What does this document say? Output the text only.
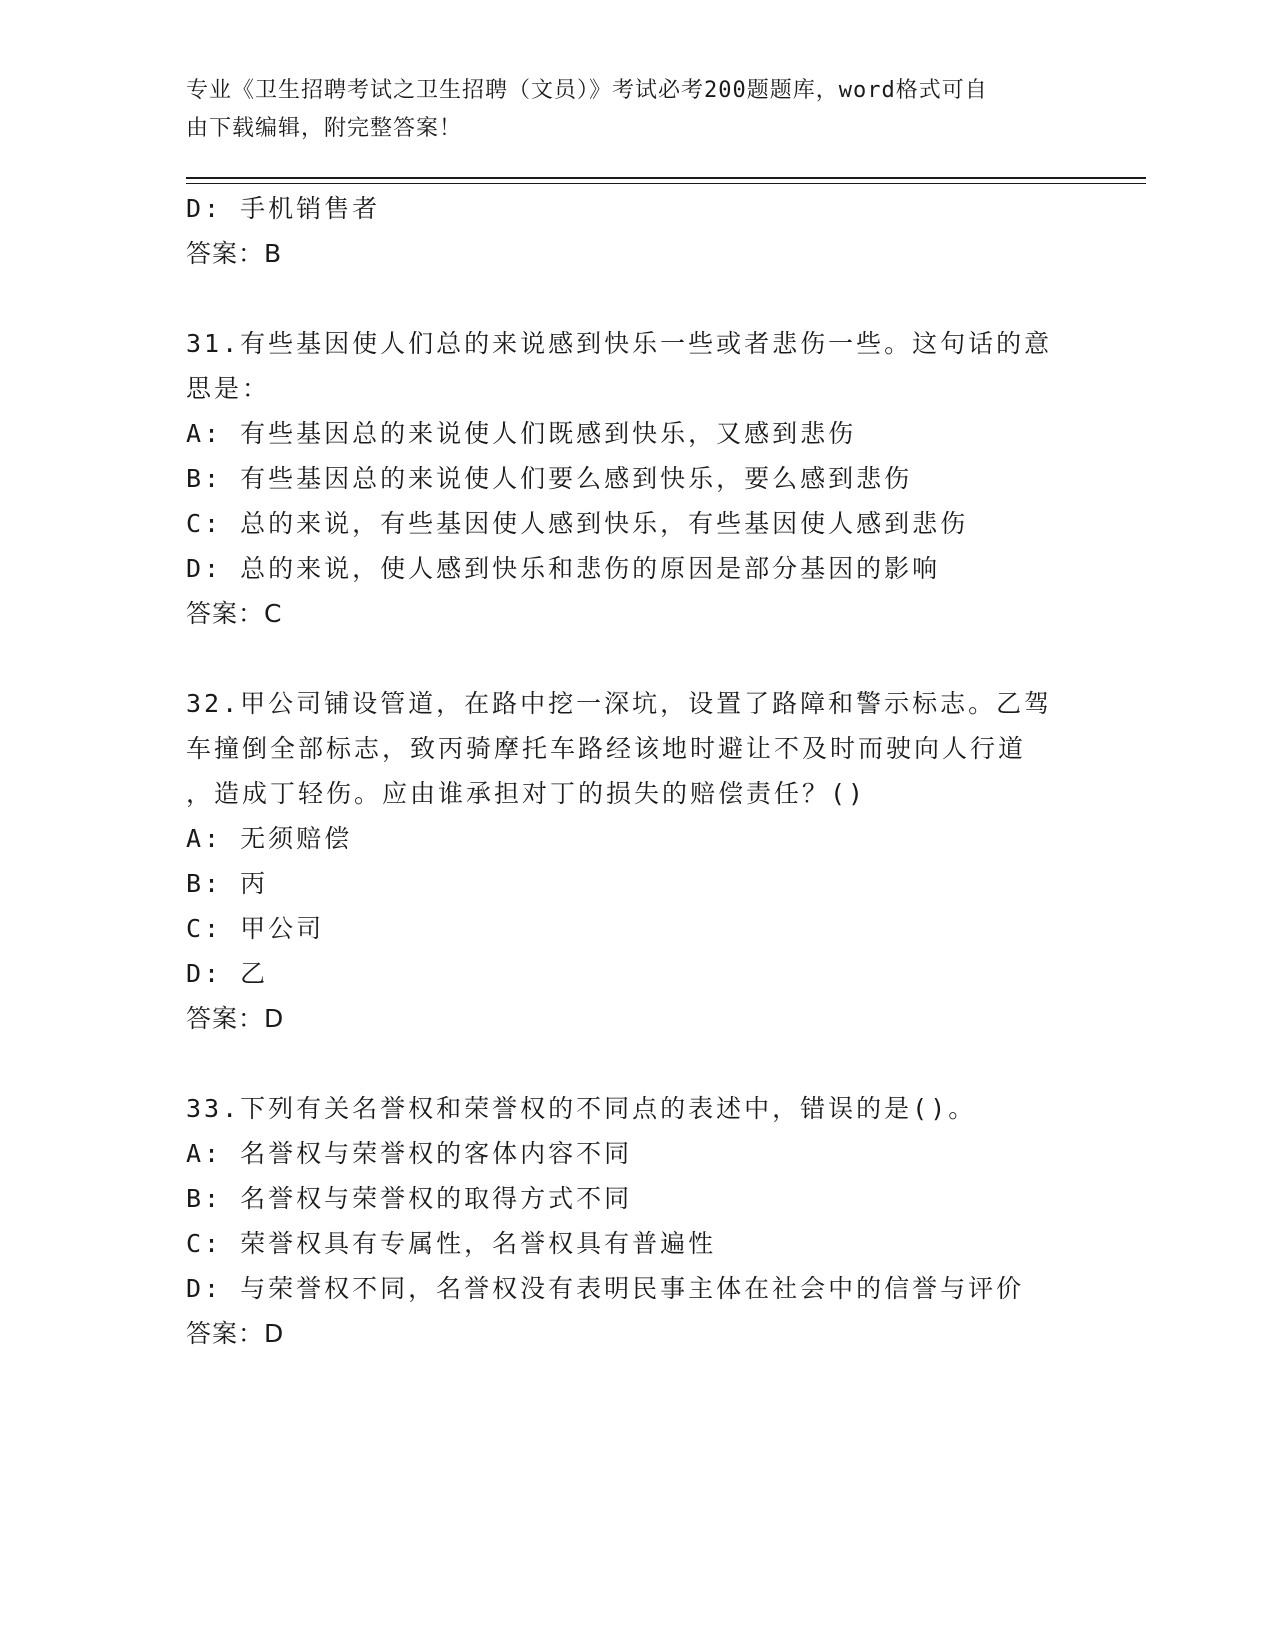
专业《卫生招聘考试之卫生招聘（文员）》考试必考200题题库，word格式可自
由下载编辑，附完整答案！
D: 手机销售者
答案：B
31.有些基因使人们总的来说感到快乐一些或者悲伤一些。这句话的意
思是：
A: 有些基因总的来说使人们既感到快乐，又感到悲伤
B: 有些基因总的来说使人们要么感到快乐，要么感到悲伤
C: 总的来说，有些基因使人感到快乐，有些基因使人感到悲伤
D: 总的来说，使人感到快乐和悲伤的原因是部分基因的影响
答案：C
32.甲公司铺设管道，在路中挖一深坑，设置了路障和警示标志。乙驾
车撞倒全部标志，致丙骑摩托车路经该地时避让不及时而驶向人行道
，造成丁轻伤。应由谁承担对丁的损失的赔偿责任？()
A: 无须赔偿
B: 丙
C: 甲公司
D: 乙
答案：D
33.下列有关名誉权和荣誉权的不同点的表述中，错误的是()。
A: 名誉权与荣誉权的客体内容不同
B: 名誉权与荣誉权的取得方式不同
C: 荣誉权具有专属性，名誉权具有普遍性
D: 与荣誉权不同，名誉权没有表明民事主体在社会中的信誉与评价
答案：D
